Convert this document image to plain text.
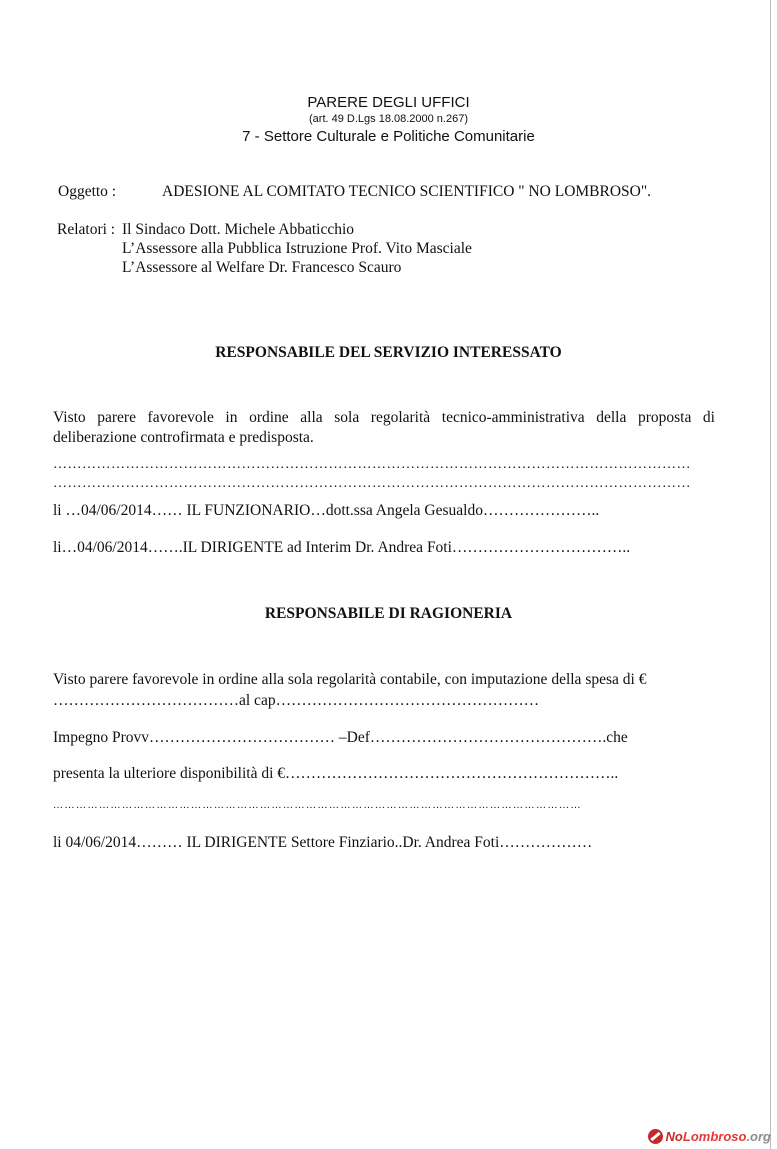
PARERE DEGLI UFFICI
(art. 49 D.Lgs 18.08.2000 n.267)
7 - Settore Culturale e Politiche Comunitarie
Oggetto :	ADESIONE AL COMITATO TECNICO SCIENTIFICO " NO LOMBROSO".
Relatori : Il Sindaco Dott. Michele Abbaticchio
L’Assessore alla Pubblica Istruzione Prof. Vito Masciale
L’Assessore al Welfare Dr. Francesco Scauro
RESPONSABILE DEL SERVIZIO INTERESSATO
Visto parere favorevole in ordine alla sola regolarità tecnico-amministrativa della proposta di deliberazione controfirmata e predisposta.
……………………………………………………………………………………………………………………
……………………………………………………………………………………………………………………
li …04/06/2014…… IL FUNZIONARIO…dott.ssa Angela Gesualdo…………………..
li…04/06/2014…….IL DIRIGENTE ad Interim Dr. Andrea Foti……………………………..
RESPONSABILE DI RAGIONERIA
Visto parere favorevole in ordine alla sola regolarità contabile, con imputazione della spesa di €
………………………………al cap……………………………………………
Impegno Provv……………………………… –Def……………………………………….che
presenta la ulteriore disponibilità di €………………………………………………………..
… … … … … … … … … … … … … … … … … … … … … … … … … … … … … … … … … … … … … … … … … … … … … …
li 04/06/2014……… IL DIRIGENTE Settore Finziario..Dr. Andrea Foti………………
No Lombroso .org
